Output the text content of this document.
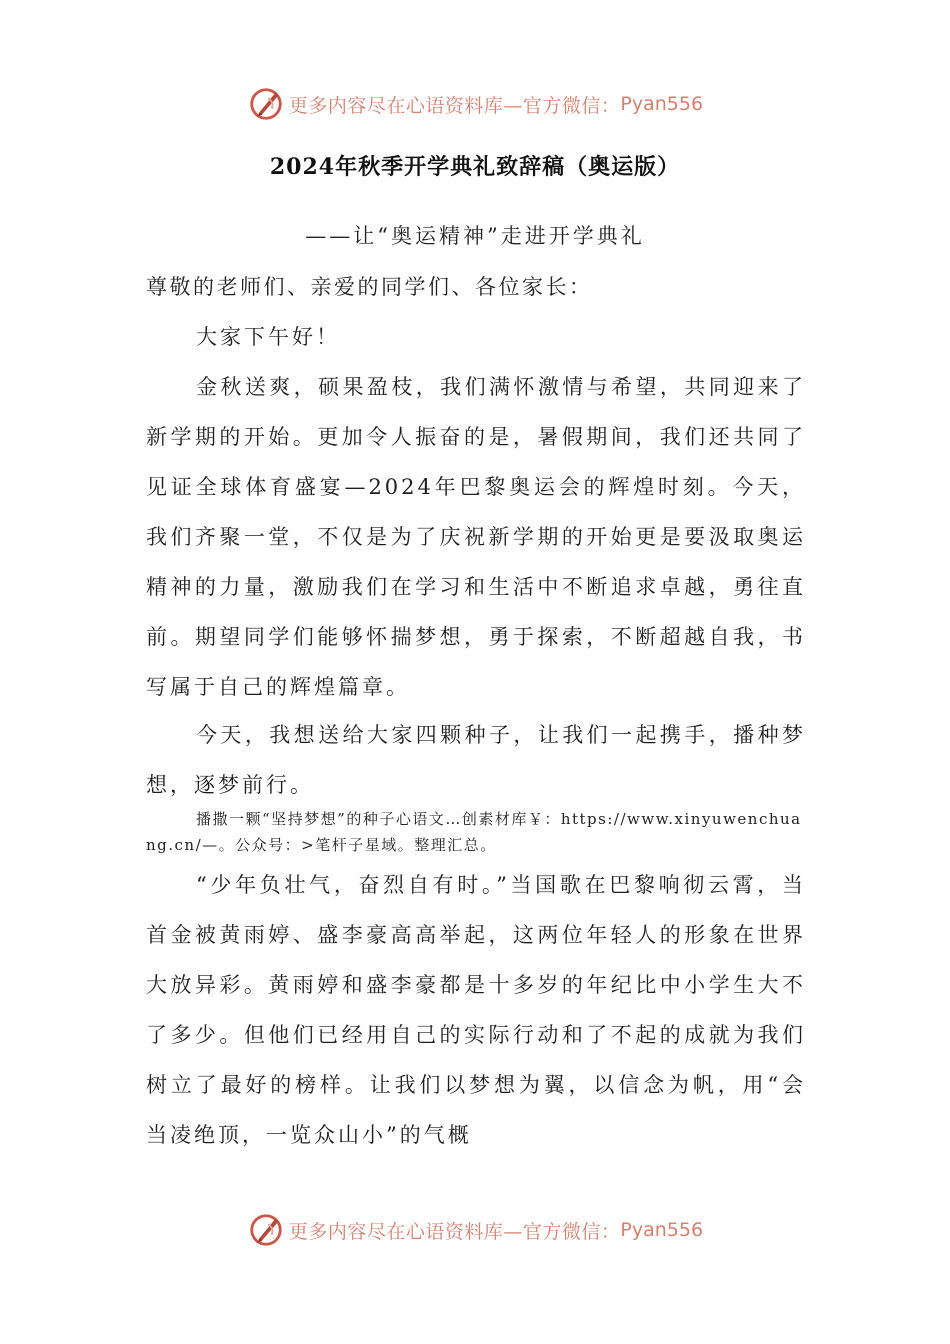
更多内容尽在心语资料库—官方微信： Pyan556
2024年秋季开学典礼致辞稿（奥运版）
——让“奥运精神”走进开学典礼
尊敬的老师们、亲爱的同学们、各位家长：
大家下午好！
金秋送爽，硕果盈枝，我们满怀激情与希望，共同迎来了新学期的开始。更加令人振奋的是，暑假期间，我们还共同了见证全球体育盛宴—2024年巴黎奥运会的辉煌时刻。今天，我们齐聚一堂，不仅是为了庆祝新学期的开始更是要汲取奥运精神的力量，激励我们在学习和生活中不断追求卓越，勇往直前。期望同学们能够怀揣梦想，勇于探索，不断超越自我，书写属于自己的辉煌篇章。
今天，我想送给大家四颗种子，让我们一起携手，播种梦想，逐梦前行。
播撒一颗“坚持梦想”的种子心语文…创素材库￥：https://www.xinyuwenchuang.cn/—。公众号：>笔杆子星域。整理汇总。
“少年负壮气，奋烈自有时。”当国歌在巴黎响彻云霄，当首金被黄雨婷、盛李豪高高举起，这两位年轻人的形象在世界大放异彩。黄雨婷和盛李豪都是十多岁的年纪比中小学生大不了多少。但他们已经用自己的实际行动和了不起的成就为我们树立了最好的榜样。让我们以梦想为翼，以信念为帆，用“会当凌绝顶，一览众山小”的气概
更多内容尽在心语资料库—官方微信： Pyan556
